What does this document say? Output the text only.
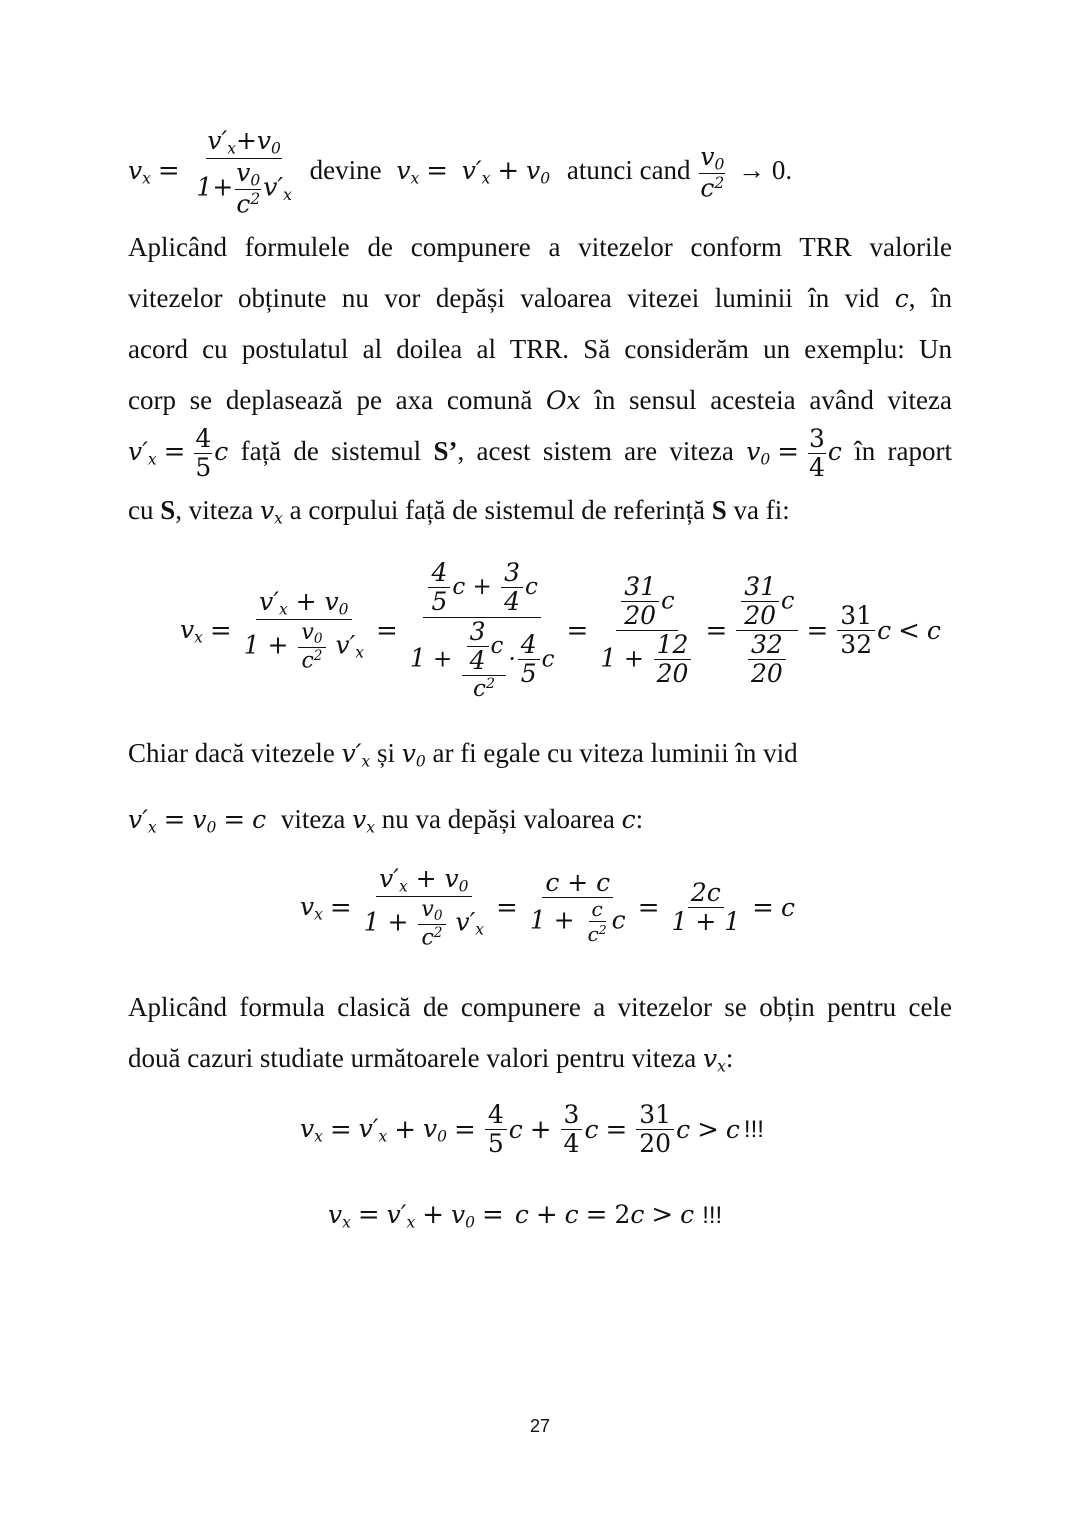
$v_x = \frac{v'_x+v_0}{1+ \frac{v_0}{c^2} v'_x}$ devine $v_x = v'_x + v_0$ atunci cand $\frac{v_0}{c^2} \to 0$.
Aplicând formulele de compunere a vitezelor conform TRR valorile
vitezelor obținute nu vor depăși valoarea vitezei luminii în vid c, în
acord cu postulatul al doilea al TRR. Să considerăm un exemplu: Un
corp se deplasează pe axa comună Ox în sensul acesteia având viteza
$v'_x = \frac{4}{5}$ c față de sistemul S’, acest sistem are viteza $v_0 = \frac{3}{4}$ c în raport
cu S, viteza $v_x$ a corpului față de sistemul de referință S va fi:
$v_x = \frac{v'_x + v_0}{1 + \frac{v_0}{c^2} v'_x} = \frac{\frac{4}{5} c + \frac{3}{4} c}{1 + \frac{\frac{3}{4} c}{c^2} \cdot \frac{4}{5} c} = \frac{\frac{31}{20} c}{1 + \frac{12}{20}} = \frac{\frac{31}{20} c}{\frac{32}{20}} = \frac{31}{32}$ c < c
Chiar dacă vitezele $v'_x$ și $v_0$ ar fi egale cu viteza luminii în vid
$v'_x = v_0 = c$ viteza $v_x$ nu va depăși valoarea c:
$v_x = \frac{v'_x + v_0}{1 + \frac{v_0}{c^2} v'_x} = \frac{c + c}{1 + \frac{c}{c^2} c} = \frac{2c}{1 + 1} = c$
Aplicând formula clasică de compunere a vitezelor se obțin pentru cele
două cazuri studiate următoarele valori pentru viteza $v_x$:
$v_x = v'_x + v_0 = \frac{4}{5}$ $c + \frac{3}{4}$ $c = \frac{31}{20}$ c > c !!!
$v_x = v'_x + v_0 = c + c = 2c > c$ !!!
27
